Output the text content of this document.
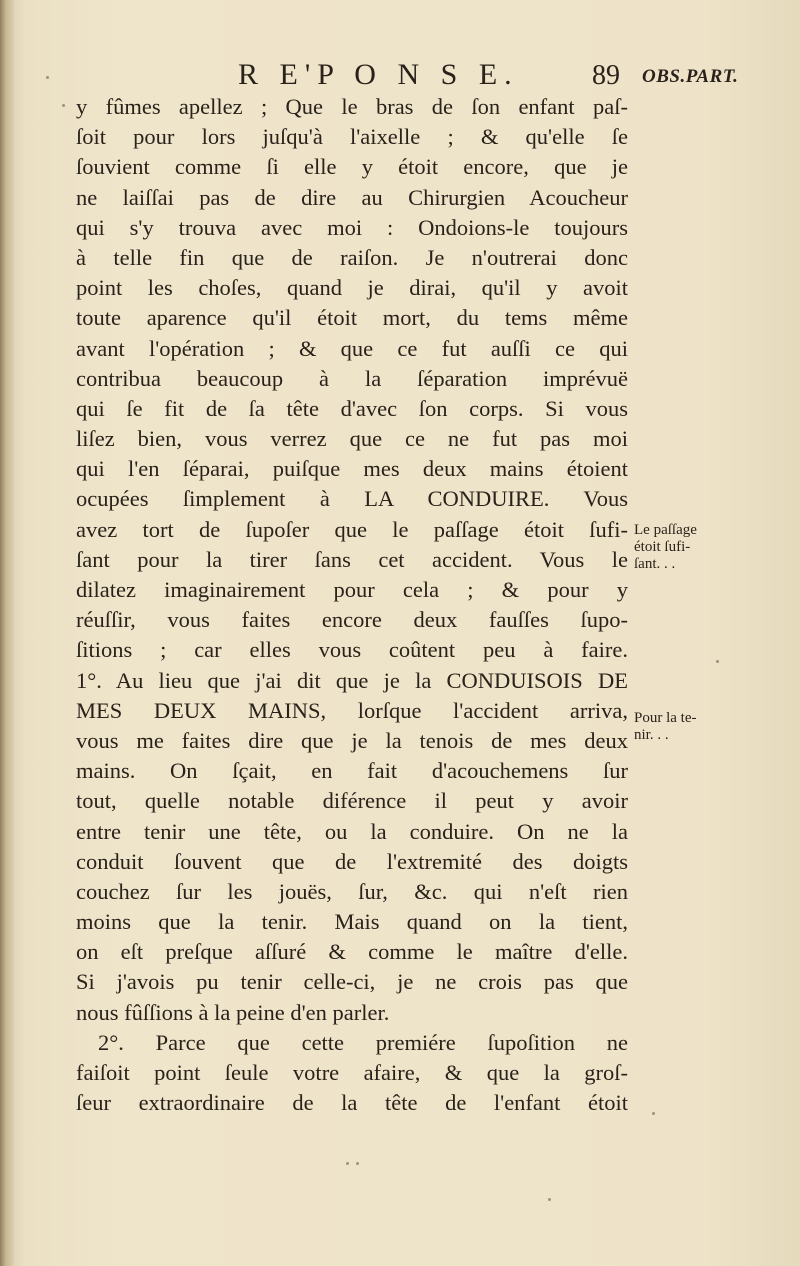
R E'P O N S E.	89 OBS.PART.
y fûmes apellez ; Que le bras de ſon enfant paſ-
ſoit pour lors juſqu'à l'aixelle ; & qu'elle ſe
ſouvient comme ſi elle y étoit encore, que je
ne laiſſai pas de dire au Chirurgien Acoucheur
qui s'y trouva avec moi : Ondoions-le toujours
à telle fin que de raiſon. Je n'outrerai donc
point les choſes, quand je dirai, qu'il y avoit
toute aparence qu'il étoit mort, du tems même
avant l'opération ; & que ce fut auſſi ce qui
contribua beaucoup à la ſéparation imprévuë
qui ſe fit de ſa tête d'avec ſon corps. Si vous
liſez bien, vous verrez que ce ne fut pas moi
qui l'en ſéparai, puiſque mes deux mains étoient
ocupées ſimplement à LA CONDUIRE. Vous
avez tort de ſupoſer que le paſſage étoit ſufi-
ſant pour la tirer ſans cet accident. Vous le
dilatez imaginairement pour cela ; & pour y
réuſſir, vous faites encore deux fauſſes ſupo-
ſitions ; car elles vous coûtent peu à faire.
1°. Au lieu que j'ai dit que je la CONDUISOIS DE
MES DEUX MAINS, lorſque l'accident arriva,
vous me faites dire que je la tenois de mes deux
mains. On ſçait, en fait d'acouchemens ſur
tout, quelle notable diférence il peut y avoir
entre tenir une tête, ou la conduire. On ne la
conduit ſouvent que de l'extremité des doigts
couchez ſur les jouës, ſur, &c. qui n'eſt rien
moins que la tenir. Mais quand on la tient,
on eſt preſque aſſuré & comme le maître d'elle.
Si j'avois pu tenir celle-ci, je ne crois pas que
nous fûſſions à la peine d'en parler.
2°. Parce que cette premiére ſupoſition ne
faiſoit point ſeule votre afaire, & que la groſ-
ſeur extraordinaire de la tête de l'enfant étoit
Le paſſage
étoit ſufi-
ſant. . .
Pour la te-
nir. . .
